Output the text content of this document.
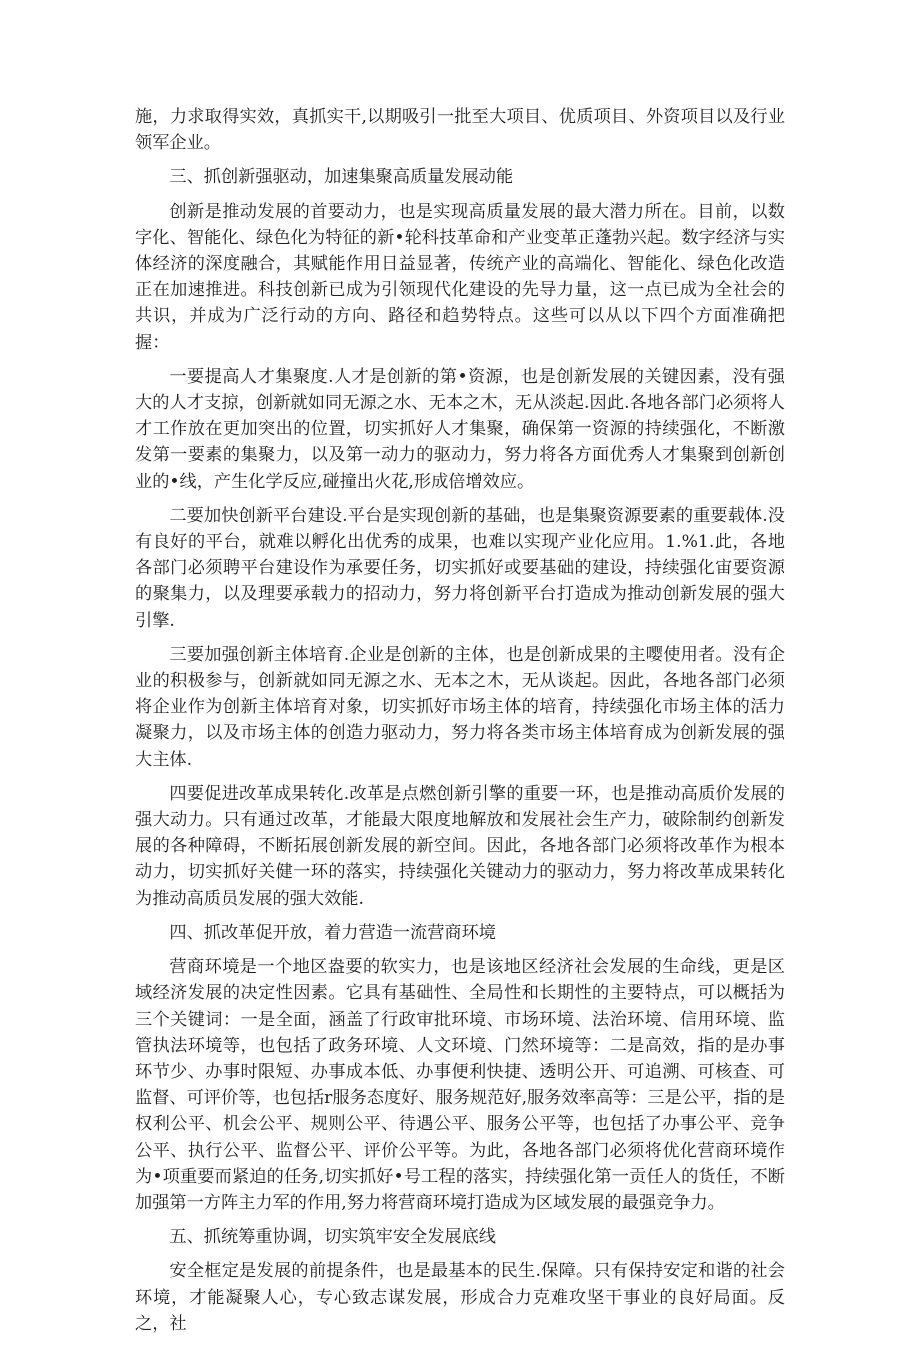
施，力求取得实效，真抓实干,以期吸引一批至大项目、优质项目、外资项目以及行业领军企业。

三、抓创新强驱动，加速集聚高质量发展动能

创新是推动发展的首要动力，也是实现高质量发展的最大潜力所在。目前，以数字化、智能化、绿色化为特征的新•轮科技革命和产业变革正蓬勃兴起。数字经济与实体经济的深度融合，其赋能作用日益显著，传统产业的高端化、智能化、绿色化改造正在加速推进。科技创新已成为引领现代化建设的先导力量，这一点已成为全社会的共识，并成为广泛行动的方向、路径和趋势特点。这些可以从以下四个方面准确把握：

一要提高人才集聚度.人才是创新的第•资源，也是创新发展的关键因素，没有强大的人才支掠，创新就如同无源之水、无本之木，无从淡起.因此.各地各部门必须将人才工作放在更加突出的位置，切实抓好人才集聚，确保第一资源的持续强化，不断激发第一要素的集聚力，以及第一动力的驱动力，努力将各方面优秀人才集聚到创新创业的•线，产生化学反应,碰撞出火花,形成倍增效应。

二要加快创新平台建设.平台是实现创新的基础，也是集聚资源要素的重要载体.没有良好的平台，就难以孵化出优秀的成果，也难以实现产业化应用。1.%1.此，各地各部门必须聘平台建设作为承要任务，切实抓好或要基础的建设，持续强化宙要资源的聚集力，以及理要承载力的招动力，努力将创新平台打造成为推动创新发展的强大引擎.

三要加强创新主体培育.企业是创新的主体，也是创新成果的主嘤使用者。没有企业的积极参与，创新就如同无源之水、无本之木，无从谈起。因此，各地各部门必须将企业作为创新主体培育对象，切实抓好市场主体的培育，持续强化市场主体的活力凝聚力，以及市场主体的创造力驱动力，努力将各类市场主体培育成为创新发展的强大主体.

四要促进改革成果转化.改革是点燃创新引擎的重要一环，也是推动高质价发展的强大动力。只有通过改革，才能最大限度地解放和发展社会生产力，破除制约创新发展的各种障碍，不断拓展创新发展的新空间。因此，各地各部门必须将改革作为根本动力，切实抓好关健一环的落实，持续强化关键动力的驱动力，努力将改革成果转化为推动高质员发展的强大效能.

四、抓改革促开放，着力营造一流营商环境

营商环境是一个地区盎要的软实力，也是该地区经济社会发展的生命线，更是区域经济发展的决定性因素。它具有基础性、全局性和长期性的主要特点，可以概括为三个关键词：一是全面，涵盖了行政审批环境、市场环境、法治环境、信用环境、监管执法环境等，也包括了政务环境、人文环境、门然环境等：二是高效，指的是办事环节少、办事时限短、办事成本低、办事便利快捷、透明公开、可追溯、可核查、可监督、可评价等，也包括r服务态度好、服务规范好,服务效率高等：三是公平，指的是权利公平、机会公平、规则公平、待遇公平、服务公平等，也包括了办事公平、竞争公平、执行公平、监督公平、评价公平等。为此，各地各部门必须将优化营商环境作为•项重要而紧迫的任务,切实抓好•号工程的落实，持续强化第一贡任人的货任，不断加强第一方阵主力军的作用,努力将营商环境打造成为区域发展的最强竞争力。

五、抓统筹重协调，切实筑牢安全发展底线

安全框定是发展的前提条件，也是最基本的民生.保障。只有保持安定和谐的社会环境，才能凝聚人心，专心致志谋发展，形成合力克难攻坚干事业的良好局面。反之，社
